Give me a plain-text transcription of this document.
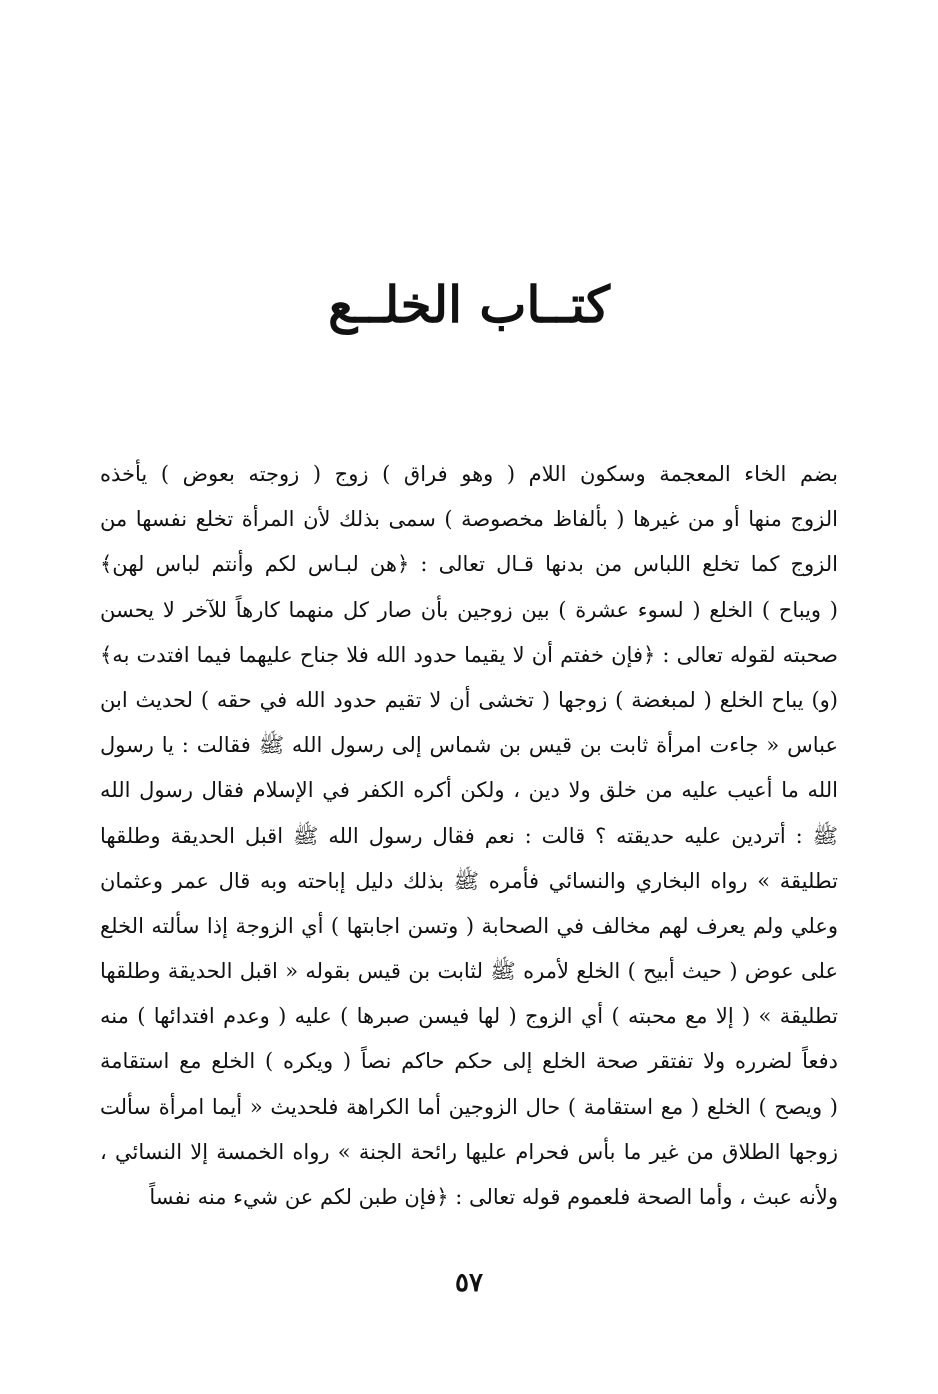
كتــاب الخلــع
بضم الخاء المعجمة وسكون اللام ( وهو فراق ) زوج ( زوجته بعوض ) يأخذه
الزوج منها أو من غيرها ( بألفاظ مخصوصة ) سمى بذلك لأن المرأة تخلع نفسها من
الزوج كما تخلع اللباس من بدنها قـال تعالى : ﴿هن لبـاس لكم وأنتم لباس لهن﴾
( ويباح ) الخلع ( لسوء عشرة ) بين زوجين بأن صار كل منهما كارهاً للآخر لا يحسن
صحبته لقوله تعالى : ﴿فإن خفتم أن لا يقيما حدود الله فلا جناح عليهما فيما افتدت به﴾
(و) يباح الخلع ( لمبغضة ) زوجها ( تخشى أن لا تقيم حدود الله في حقه ) لحديث ابن
عباس « جاءت امرأة ثابت بن قيس بن شماس إلى رسول الله ﷺ فقالت : يا رسول
الله ما أعيب عليه من خلق ولا دين ، ولكن أكره الكفر في الإسلام فقال رسول الله
ﷺ : أتردين عليه حديقته ؟ قالت : نعم فقال رسول الله ﷺ اقبل الحديقة وطلقها
تطليقة » رواه البخاري والنسائي فأمره ﷺ بذلك دليل إباحته وبه قال عمر وعثمان
وعلي ولم يعرف لهم مخالف في الصحابة ( وتسن اجابتها ) أي الزوجة إذا سألته الخلع
على عوض ( حيث أبيح ) الخلع لأمره ﷺ لثابت بن قيس بقوله « اقبل الحديقة وطلقها
تطليقة » ( إلا مع محبته ) أي الزوج ( لها فيسن صبرها ) عليه ( وعدم افتدائها ) منه
دفعاً لضرره ولا تفتقر صحة الخلع إلى حكم حاكم نصاً ( ويكره ) الخلع مع استقامة
( ويصح ) الخلع ( مع استقامة ) حال الزوجين أما الكراهة فلحديث « أيما امرأة سألت
زوجها الطلاق من غير ما بأس فحرام عليها رائحة الجنة » رواه الخمسة إلا النسائي ،
ولأنه عبث ، وأما الصحة فلعموم قوله تعالى : ﴿فإن طبن لكم عن شيء منه نفساً
٥٧
